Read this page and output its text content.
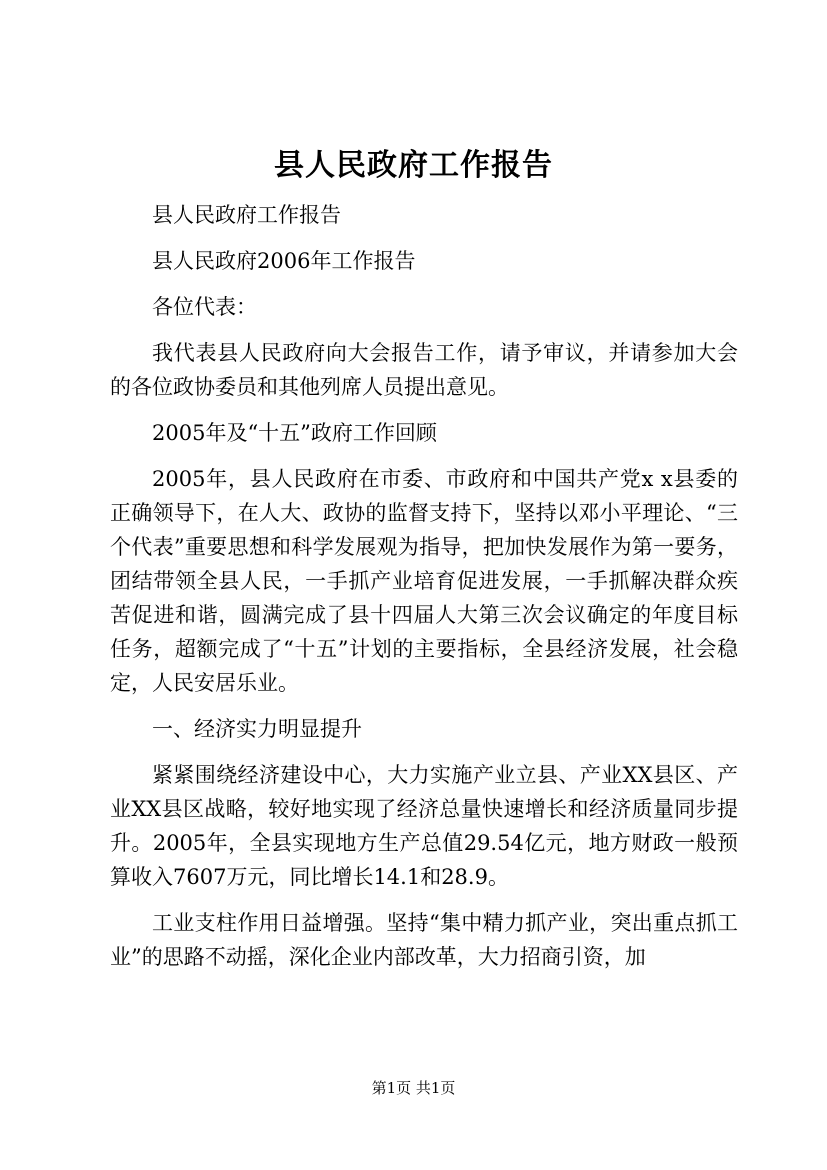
县人民政府工作报告

县人民政府工作报告

县人民政府2006年工作报告

各位代表：

我代表县人民政府向大会报告工作，请予审议，并请参加大会的各位政协委员和其他列席人员提出意见。

2005年及“十五”政府工作回顾

2005年，县人民政府在市委、市政府和中国共产党x x县委的正确领导下，在人大、政协的监督支持下，坚持以邓小平理论、“三个代表”重要思想和科学发展观为指导，把加快发展作为第一要务，团结带领全县人民，一手抓产业培育促进发展，一手抓解决群众疾苦促进和谐，圆满完成了县十四届人大第三次会议确定的年度目标任务，超额完成了“十五”计划的主要指标，全县经济发展，社会稳定，人民安居乐业。

一、经济实力明显提升

紧紧围绕经济建设中心，大力实施产业立县、产业XX县区、产业XX县区战略，较好地实现了经济总量快速增长和经济质量同步提升。2005年，全县实现地方生产总值29.54亿元，地方财政一般预算收入7607万元，同比增长14.1和28.9。

工业支柱作用日益增强。坚持“集中精力抓产业，突出重点抓工业”的思路不动摇，深化企业内部改革，大力招商引资，加

第1页 共1页
